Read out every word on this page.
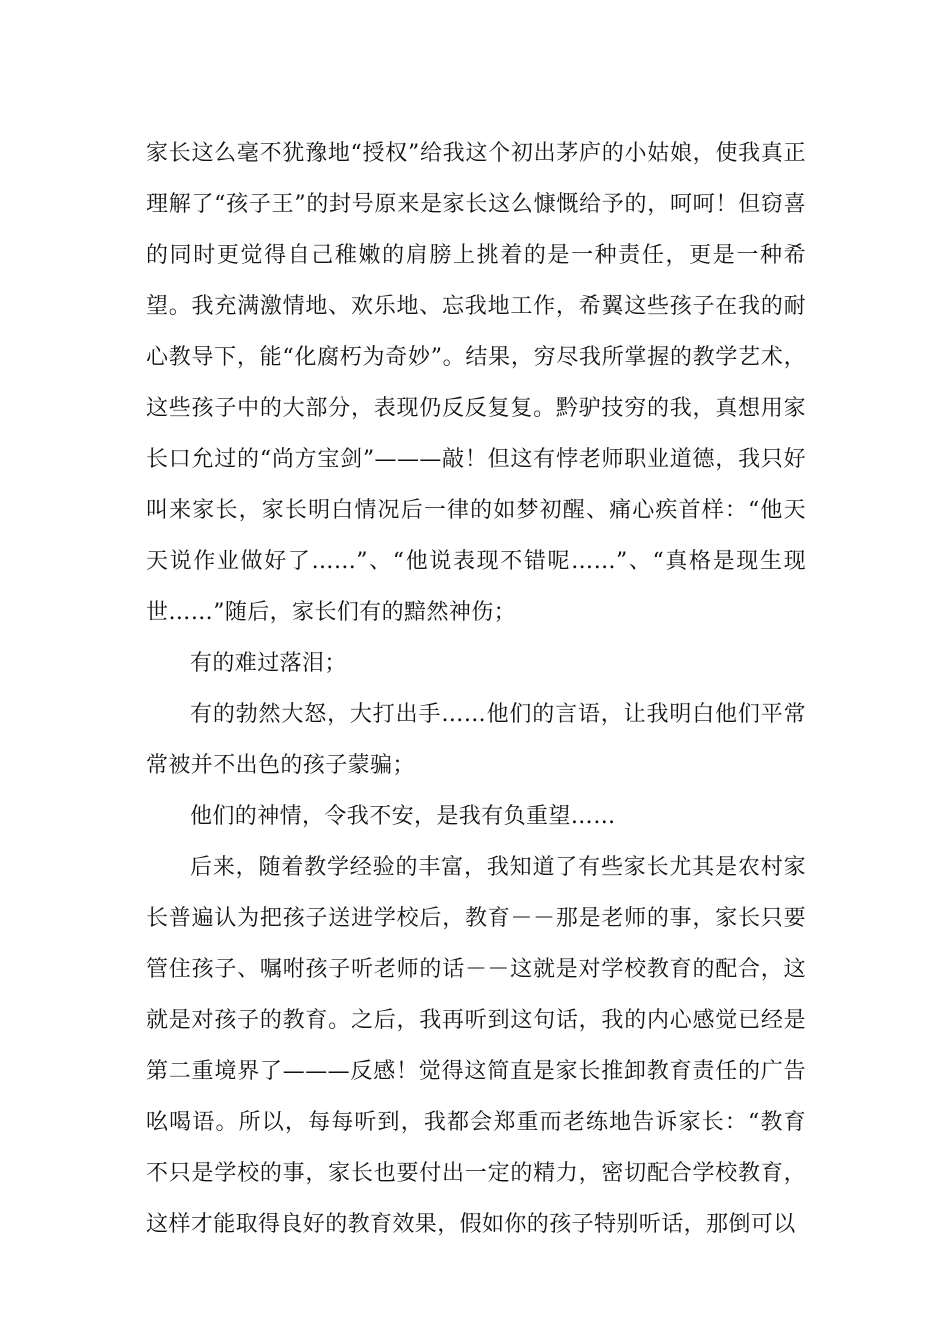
家长这么毫不犹豫地“授权”给我这个初出茅庐的小姑娘，使我真正理解了“孩子王”的封号原来是家长这么慷慨给予的，呵呵！但窃喜的同时更觉得自己稚嫩的肩膀上挑着的是一种责任，更是一种希望。我充满激情地、欢乐地、忘我地工作，希翼这些孩子在我的耐心教导下，能“化腐朽为奇妙”。结果，穷尽我所掌握的教学艺术，这些孩子中的大部分，表现仍反反复复。黔驴技穷的我，真想用家长口允过的“尚方宝剑”———敲！但这有悖老师职业道德，我只好叫来家长，家长明白情况后一律的如梦初醒、痛心疾首样：“他天天说作业做好了……”、“他说表现不错呢……”、“真格是现生现世……”随后，家长们有的黯然神伤；

有的难过落泪；

有的勃然大怒，大打出手……他们的言语，让我明白他们平常常被并不出色的孩子蒙骗；

他们的神情，令我不安，是我有负重望……

后来，随着教学经验的丰富，我知道了有些家长尤其是农村家长普遍认为把孩子送进学校后，教育－－那是老师的事，家长只要管住孩子、嘱咐孩子听老师的话－－这就是对学校教育的配合，这就是对孩子的教育。之后，我再听到这句话，我的内心感觉已经是第二重境界了———反感！觉得这简直是家长推卸教育责任的广告吆喝语。所以，每每听到，我都会郑重而老练地告诉家长：“教育不只是学校的事，家长也要付出一定的精力，密切配合学校教育，这样才能取得良好的教育效果，假如你的孩子特别听话，那倒可以
